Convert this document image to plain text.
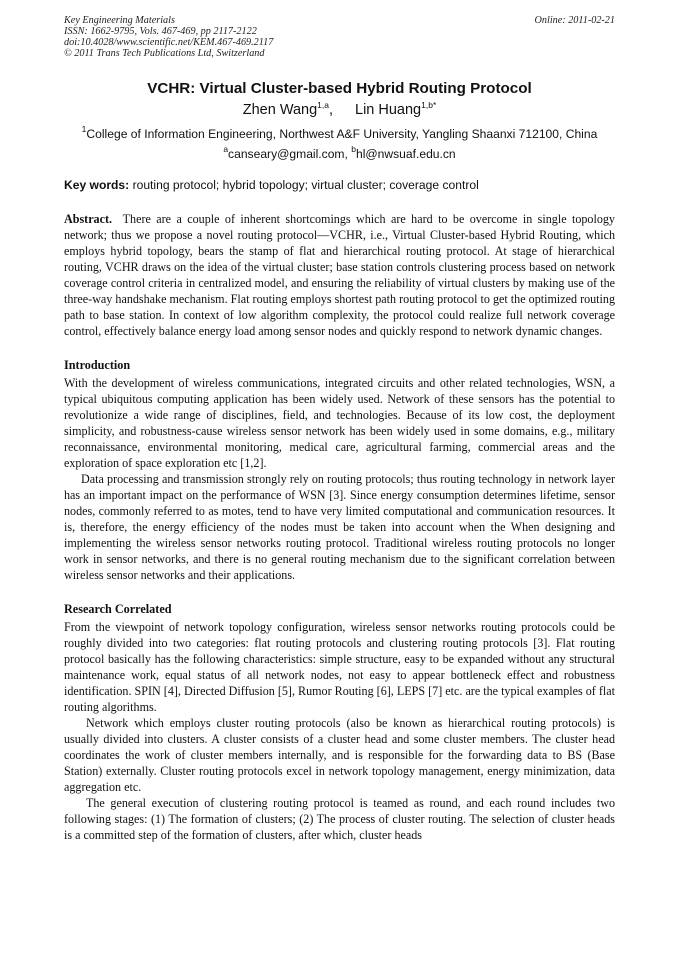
Key Engineering Materials
ISSN: 1662-9795, Vols. 467-469, pp 2117-2122
doi:10.4028/www.scientific.net/KEM.467-469.2117
© 2011 Trans Tech Publications Ltd, Switzerland
Online: 2011-02-21
VCHR: Virtual Cluster-based Hybrid Routing Protocol
Zhen Wang$^{1,a}$, Lin Huang$^{1,b*}$
$^1$College of Information Engineering, Northwest A&F University, Yangling Shaanxi 712100, China
$^a$canseary@gmail.com, $^b$hl@nwsuaf.edu.cn
Key words: routing protocol; hybrid topology; virtual cluster; coverage control
Abstract. There are a couple of inherent shortcomings which are hard to be overcome in single topology network; thus we propose a novel routing protocol—VCHR, i.e., Virtual Cluster-based Hybrid Routing, which employs hybrid topology, bears the stamp of flat and hierarchical routing protocol. At stage of hierarchical routing, VCHR draws on the idea of the virtual cluster; base station controls clustering process based on network coverage control criteria in centralized model, and ensuring the reliability of virtual clusters by making use of the three-way handshake mechanism. Flat routing employs shortest path routing protocol to get the optimized routing path to base station. In context of low algorithm complexity, the protocol could realize full network coverage control, effectively balance energy load among sensor nodes and quickly respond to network dynamic changes.
Introduction

With the development of wireless communications, integrated circuits and other related technologies, WSN, a typical ubiquitous computing application has been widely used. Network of these sensors has the potential to revolutionize a wide range of disciplines, field, and technologies. Because of its low cost, the deployment simplicity, and robustness-cause wireless sensor network has been widely used in some domains, e.g., military reconnaissance, environmental monitoring, medical care, agricultural farming, commercial areas and the exploration of space exploration etc [1,2].

Data processing and transmission strongly rely on routing protocols; thus routing technology in network layer has an important impact on the performance of WSN [3]. Since energy consumption determines lifetime, sensor nodes, commonly referred to as motes, tend to have very limited computational and communication resources. It is, therefore, the energy efficiency of the nodes must be taken into account when the When designing and implementing the wireless sensor networks routing protocol. Traditional wireless routing protocols no longer work in sensor networks, and there is no general routing mechanism due to the significant correlation between wireless sensor networks and their applications.

Research Correlated

From the viewpoint of network topology configuration, wireless sensor networks routing protocols could be roughly divided into two categories: flat routing protocols and clustering routing protocols [3]. Flat routing protocol basically has the following characteristics: simple structure, easy to be expanded without any structural maintenance work, equal status of all network nodes, not easy to appear bottleneck effect and robustness identification. SPIN [4], Directed Diffusion [5], Rumor Routing [6], LEPS [7] etc. are the typical examples of flat routing algorithms.

Network which employs cluster routing protocols (also be known as hierarchical routing protocols) is usually divided into clusters. A cluster consists of a cluster head and some cluster members. The cluster head coordinates the work of cluster members internally, and is responsible for the forwarding data to BS (Base Station) externally. Cluster routing protocols excel in network topology management, energy minimization, data aggregation etc.

The general execution of clustering routing protocol is teamed as round, and each round includes two following stages: (1) The formation of clusters; (2) The process of cluster routing. The selection of cluster heads is a committed step of the formation of clusters, after which, cluster heads
